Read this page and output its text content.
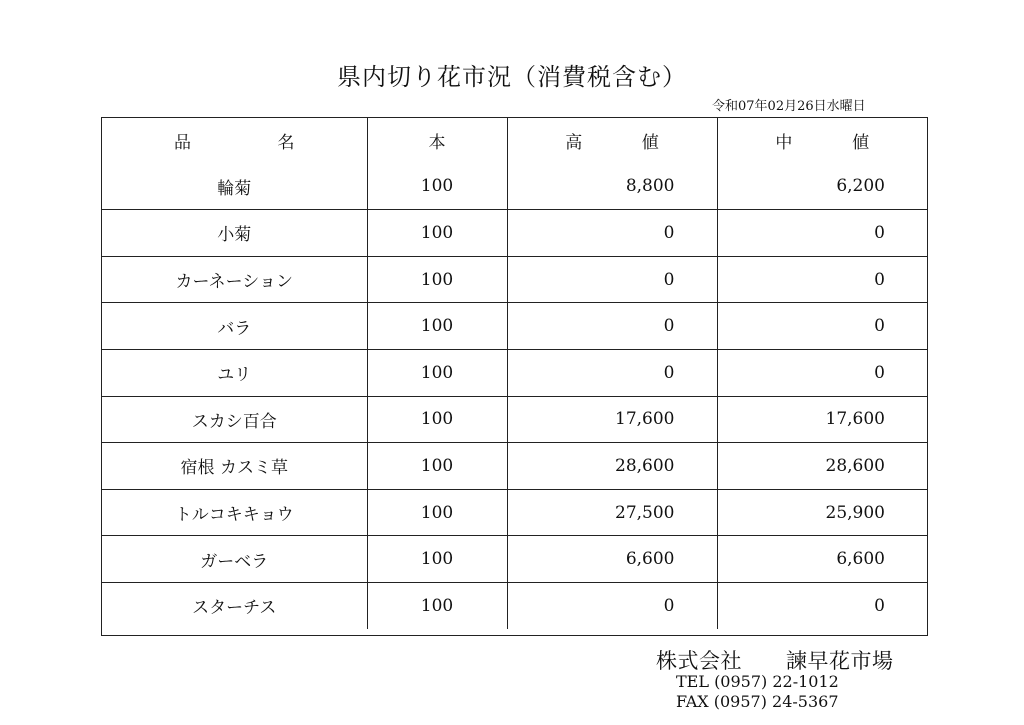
県内切り花市況（消費税含む）
令和07年02月26日水曜日
品 名	本	高 値	中 値

輪菊	100	8,800	6,200
小菊	100	0	0
カーネーション	100	0	0
バラ	100	0	0
ユリ	100	0	0
スカシ百合	100	17,600	17,600
宿根 カスミ草	100	28,600	28,600
トルコキキョウ	100	27,500	25,900
ガーベラ	100	6,600	6,600
スターチス	100	0	0
株式会社 諫早花市場
TEL (0957) 22-1012
FAX (0957) 24-5367
